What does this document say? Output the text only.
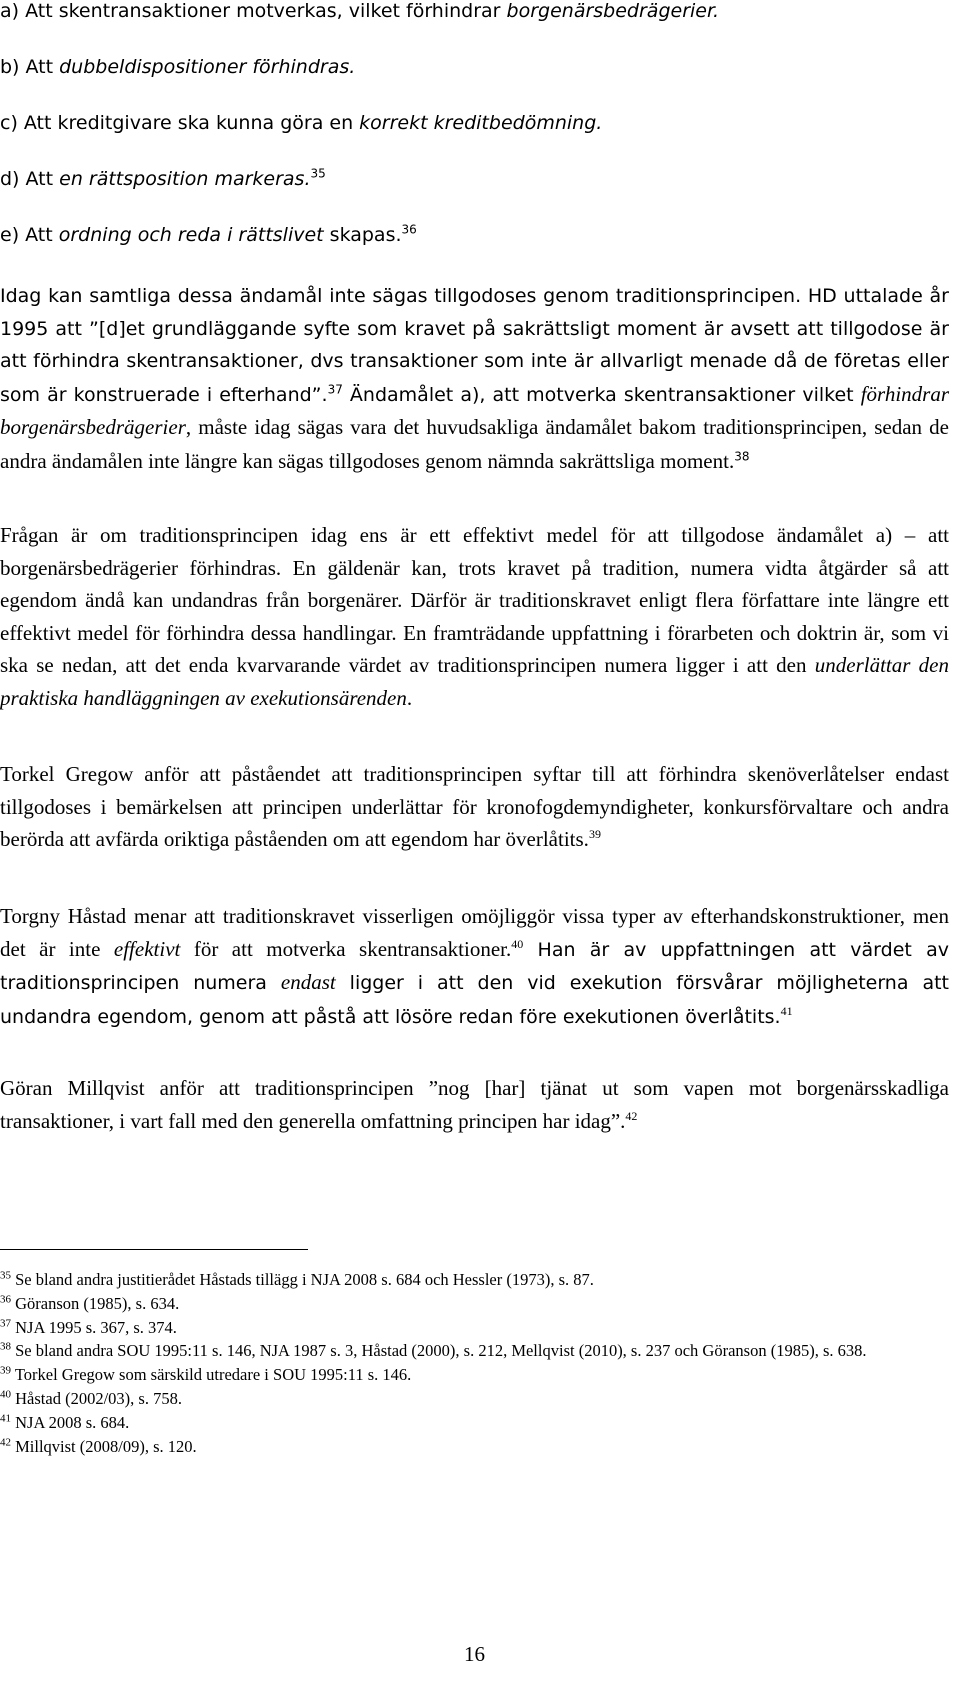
a) Att skentransaktioner motverkas, vilket förhindrar borgenärsbedrägerier.
b) Att dubbeldispositioner förhindras.
c) Att kreditgivare ska kunna göra en korrekt kreditbedömning.
d) Att en rättsposition markeras.$^{35}$
e) Att ordning och reda i rättslivet skapas.$^{36}$

Idag kan samtliga dessa ändamål inte sägas tillgodoses genom traditionsprincipen. HD uttalade år 1995 att ”[d]et grundläggande syfte som kravet på sakrättsligt moment är avsett att tillgodose är att förhindra skentransaktioner, dvs transaktioner som inte är allvarligt menade då de företas eller som är konstruerade i efterhand”.$^{37}$ Ändamålet a), att motverka skentransaktioner vilket förhindrar borgenärsbedrägerier, måste idag sägas vara det huvudsakliga ändamålet bakom traditionsprincipen, sedan de andra ändamålen inte längre kan sägas tillgodoses genom nämnda sakrättsliga moment.$^{38}$

Frågan är om traditionsprincipen idag ens är ett effektivt medel för att tillgodose ändamålet a) – att borgenärsbedrägerier förhindras. En gäldenär kan, trots kravet på tradition, numera vidta åtgärder så att egendom ändå kan undandras från borgenärer. Därför är traditionskravet enligt flera författare inte längre ett effektivt medel för förhindra dessa handlingar. En framträdande uppfattning i förarbeten och doktrin är, som vi ska se nedan, att det enda kvarvarande värdet av traditionsprincipen numera ligger i att den underlättar den praktiska handläggningen av exekutionsärenden.

Torkel Gregow anför att påståendet att traditionsprincipen syftar till att förhindra skenöverlåtelser endast tillgodoses i bemärkelsen att principen underlättar för kronofogdemyndigheter, konkursförvaltare och andra berörda att avfärda oriktiga påståenden om att egendom har överlåtits.$^{39}$

Torgny Håstad menar att traditionskravet visserligen omöjliggör vissa typer av efterhandskonstruktioner, men det är inte effektivt för att motverka skentransaktioner.$^{40}$ Han är av uppfattningen att värdet av traditionsprincipen numera endast ligger i att den vid exekution försvårar möjligheterna att undandra egendom, genom att påstå att lösöre redan före exekutionen överlåtits.$^{41}$

Göran Millqvist anför att traditionsprincipen ”nog [har] tjänat ut som vapen mot borgenärsskadliga transaktioner, i vart fall med den generella omfattning principen har idag”.$^{42}$

$^{35}$ Se bland andra justitierådet Håstads tillägg i NJA 2008 s. 684 och Hessler (1973), s. 87.

$^{36}$ Göranson (1985), s. 634.

$^{37}$ NJA 1995 s. 367, s. 374.

$^{38}$ Se bland andra SOU 1995:11 s. 146, NJA 1987 s. 3, Håstad (2000), s. 212, Mellqvist (2010), s. 237 och Göranson (1985), s. 638.

$^{39}$ Torkel Gregow som särskild utredare i SOU 1995:11 s. 146.

$^{40}$ Håstad (2002/03), s. 758.

$^{41}$ NJA 2008 s. 684.

$^{42}$ Millqvist (2008/09), s. 120.

16
